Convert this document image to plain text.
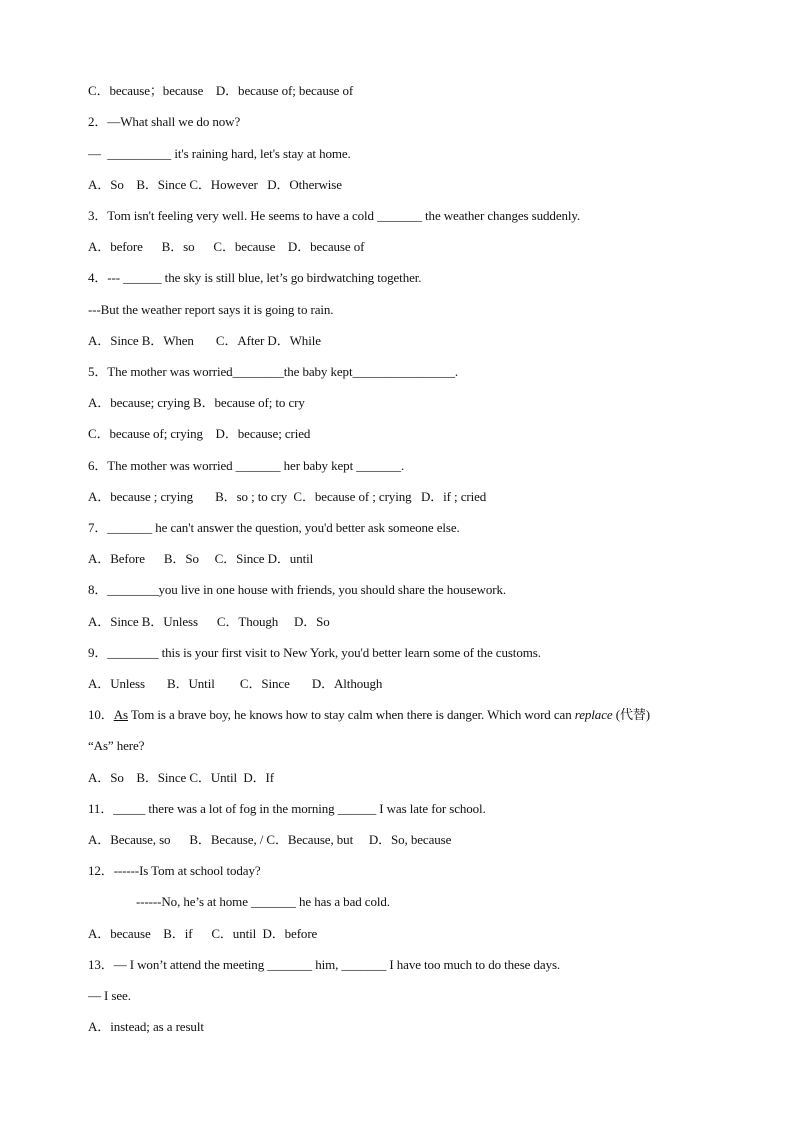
C．because；because    D．because of; because of
2．—What shall we do now?
—  __________ it's raining hard, let's stay at home.
A．So    B．Since C．However   D．Otherwise
3．Tom isn't feeling very well. He seems to have a cold _______ the weather changes suddenly.
A．before      B．so      C．because    D．because of
4．--- ______ the sky is still blue, let’s go birdwatching together.
---But the weather report says it is going to rain.
A．Since B．When       C．After D．While
5．The mother was worried________the baby kept________________.
A．because; crying B．because of; to cry
C．because of; crying    D．because; cried
6．The mother was worried _______ her baby kept _______.
A．because ; crying       B．so ; to cry  C．because of ; crying   D．if ; cried
7．_______ he can't answer the question, you'd better ask someone else.
A．Before      B．So     C．Since D．until
8．________you live in one house with friends, you should share the housework.
A．Since B．Unless      C．Though     D．So
9．________ this is your first visit to New York, you'd better learn some of the customs.
A．Unless       B．Until        C．Since       D．Although
10．As Tom is a brave boy, he knows how to stay calm when there is danger. Which word can replace (代替)
“As” here?
A．So    B．Since C．Until  D．If
11．_____ there was a lot of fog in the morning ______ I was late for school.
A．Because, so      B．Because, / C．Because, but     D．So, because
12．------Is Tom at school today?
------No, he’s at home _______ he has a bad cold.
A．because    B．if      C．until  D．before
13．— I won’t attend the meeting _______ him, _______ I have too much to do these days.
— I see.
A．instead; as a result
